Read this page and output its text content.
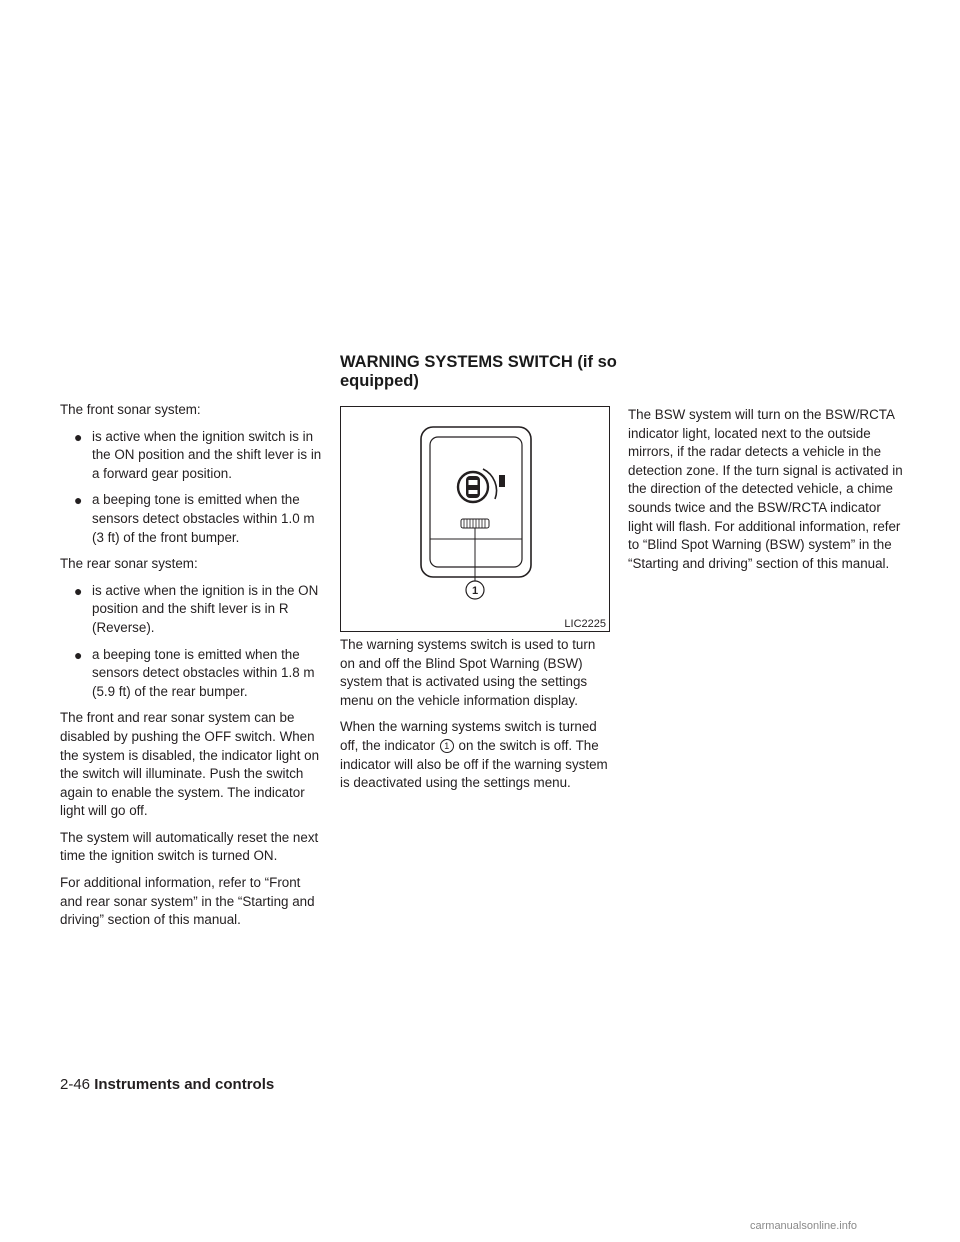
The front sonar system:

● is active when the ignition switch is in the ON position and the shift lever is in a forward gear position.
● a beeping tone is emitted when the sensors detect obstacles within 1.0 m (3 ft) of the front bumper.

The rear sonar system:

● is active when the ignition is in the ON position and the shift lever is in R (Reverse).
● a beeping tone is emitted when the sensors detect obstacles within 1.8 m (5.9 ft) of the rear bumper.

The front and rear sonar system can be disabled by pushing the OFF switch. When the system is disabled, the indicator light on the switch will illuminate. Push the switch again to enable the system. The indicator light will go off.

The system will automatically reset the next time the ignition switch is turned ON.

For additional information, refer to “Front and rear sonar system” in the “Starting and driving” section of this manual.

WARNING SYSTEMS SWITCH (if so equipped)
1
LIC2225

The warning systems switch is used to turn on and off the Blind Spot Warning (BSW) system that is activated using the settings menu on the vehicle information display.

When the warning systems switch is turned off, the indicator 1 on the switch is off. The indicator will also be off if the warning system is deactivated using the settings menu.

The BSW system will turn on the BSW/RCTA indicator light, located next to the outside mirrors, if the radar detects a vehicle in the detection zone. If the turn signal is activated in the direction of the detected vehicle, a chime sounds twice and the BSW/RCTA indicator light will flash. For additional information, refer to “Blind Spot Warning (BSW) system” in the “Starting and driving” section of this manual.

2-46 Instruments and controls
carmanualsonline.info
